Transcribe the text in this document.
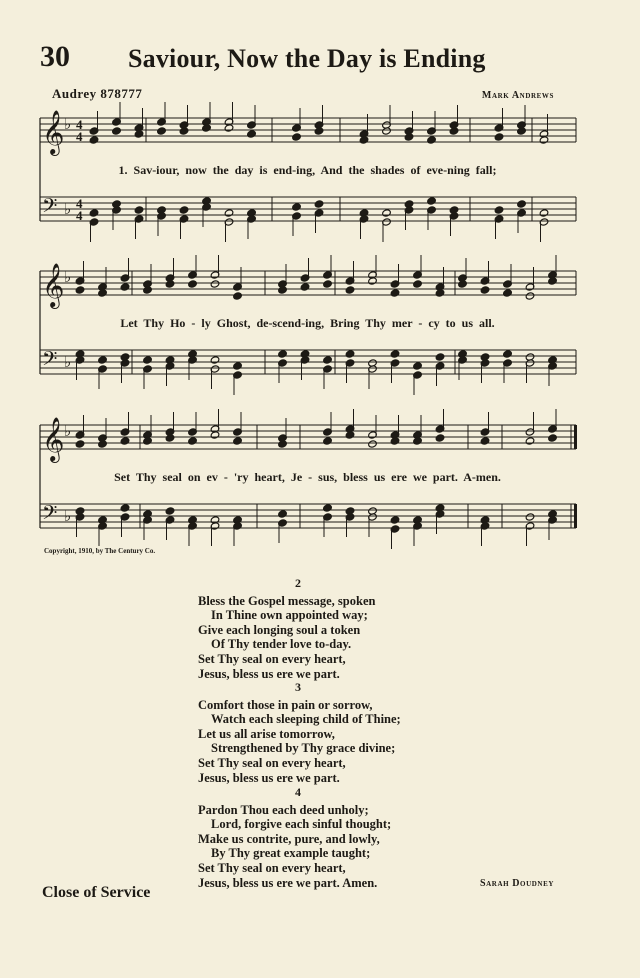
30 Saviour, Now the Day is Ending
Audrey 878777	Mark Andrews
𝄞 ♭ 4
4
𝄢 ♭ 4
4
𝄞 ♭
𝄢 ♭
𝄞 ♭
𝄢 ♭
1. Sav-iour, now the day is end-ing, And the shades of eve-ning fall;
Let Thy Ho - ly Ghost, de-scend-ing, Bring Thy mer - cy to us all.
Set Thy seal on ev - 'ry heart, Je - sus, bless us ere we part. A-men.
Copyright, 1910, by The Century Co.
2
Bless the Gospel message, spoken
In Thine own appointed way;
Give each longing soul a token
Of Thy tender love to-day.
Set Thy seal on every heart,
Jesus, bless us ere we part.
3
Comfort those in pain or sorrow,
Watch each sleeping child of Thine;
Let us all arise tomorrow,
Strengthened by Thy grace divine;
Set Thy seal on every heart,
Jesus, bless us ere we part.
4
Pardon Thou each deed unholy;
Lord, forgive each sinful thought;
Make us contrite, pure, and lowly,
By Thy great example taught;
Set Thy seal on every heart,
Jesus, bless us ere we part. Amen.	Sarah Doudney
Close of Service
